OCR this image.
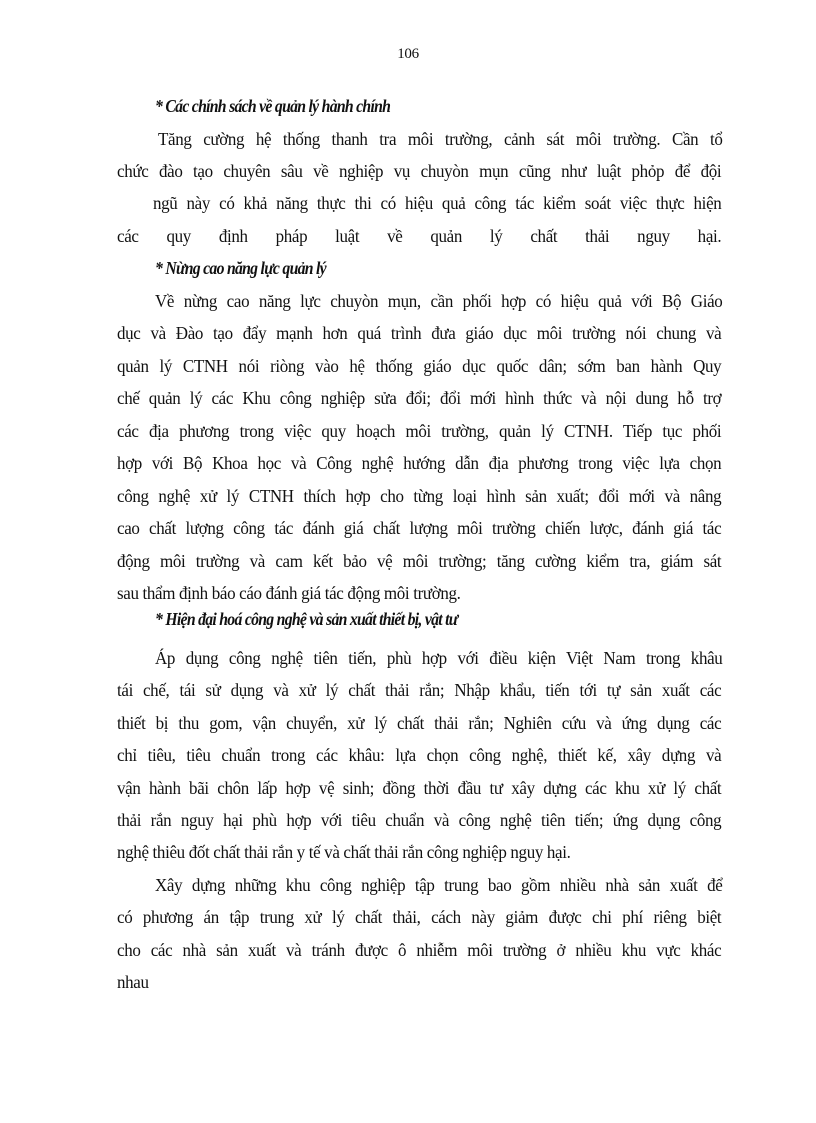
106
* Các chính sách về quản lý hành chính
Tăng cường hệ thống thanh tra môi trường, cảnh sát môi trường. Cần tổ
chức đào tạo chuyên sâu về nghiệp vụ chuyòn mụn cũng như luật phỏp để đội
ngũ này có khả năng thực thi có hiệu quả công tác kiểm soát việc thực hiện
các quy định pháp luật về quản lý chất thải nguy hại.
* Nừng cao năng lực quản lý
Về nừng cao năng lực chuyòn mụn, cần phối hợp có hiệu quả với Bộ Giáo
dục và Đào tạo đẩy mạnh hơn quá trình đưa giáo dục môi trường nói chung và
quản lý CTNH nói riòng vào hệ thống giáo dục quốc dân; sớm ban hành Quy
chế quản lý các Khu công nghiệp sửa đổi; đổi mới hình thức và nội dung hỗ trợ
các địa phương trong việc quy hoạch môi trường, quản lý CTNH. Tiếp tục phối
hợp với Bộ Khoa học và Công nghệ hướng dẫn địa phương trong việc lựa chọn
công nghệ xử lý CTNH thích hợp cho từng loại hình sản xuất; đổi mới và nâng
cao chất lượng công tác đánh giá chất lượng môi trường chiến lược, đánh giá tác
động môi trường và cam kết bảo vệ môi trường; tăng cường kiểm tra, giám sát
sau thẩm định báo cáo đánh giá tác động môi trường.
* Hiện đại hoá công nghệ và sản xuất thiết bị, vật tư
Áp dụng công nghệ tiên tiến, phù hợp với điều kiện Việt Nam trong khâu
tái chế, tái sử dụng và xử lý chất thải rắn; Nhập khẩu, tiến tới tự sản xuất các
thiết bị thu gom, vận chuyển, xử lý chất thải rắn; Nghiên cứu và ứng dụng các
chỉ tiêu, tiêu chuẩn trong các khâu: lựa chọn công nghệ, thiết kế, xây dựng và
vận hành bãi chôn lấp hợp vệ sinh; đồng thời đầu tư xây dựng các khu xử lý chất
thải rắn nguy hại phù hợp với tiêu chuẩn và công nghệ tiên tiến; ứng dụng công
nghệ thiêu đốt chất thải rắn y tế và chất thải rắn công nghiệp nguy hại.
Xây dựng những khu công nghiệp tập trung bao gồm nhiều nhà sản xuất để
có phương án tập trung xử lý chất thải, cách này giảm được chi phí riêng biệt
cho các nhà sản xuất và tránh được ô nhiễm môi trường ở nhiều khu vực khác
nhau
